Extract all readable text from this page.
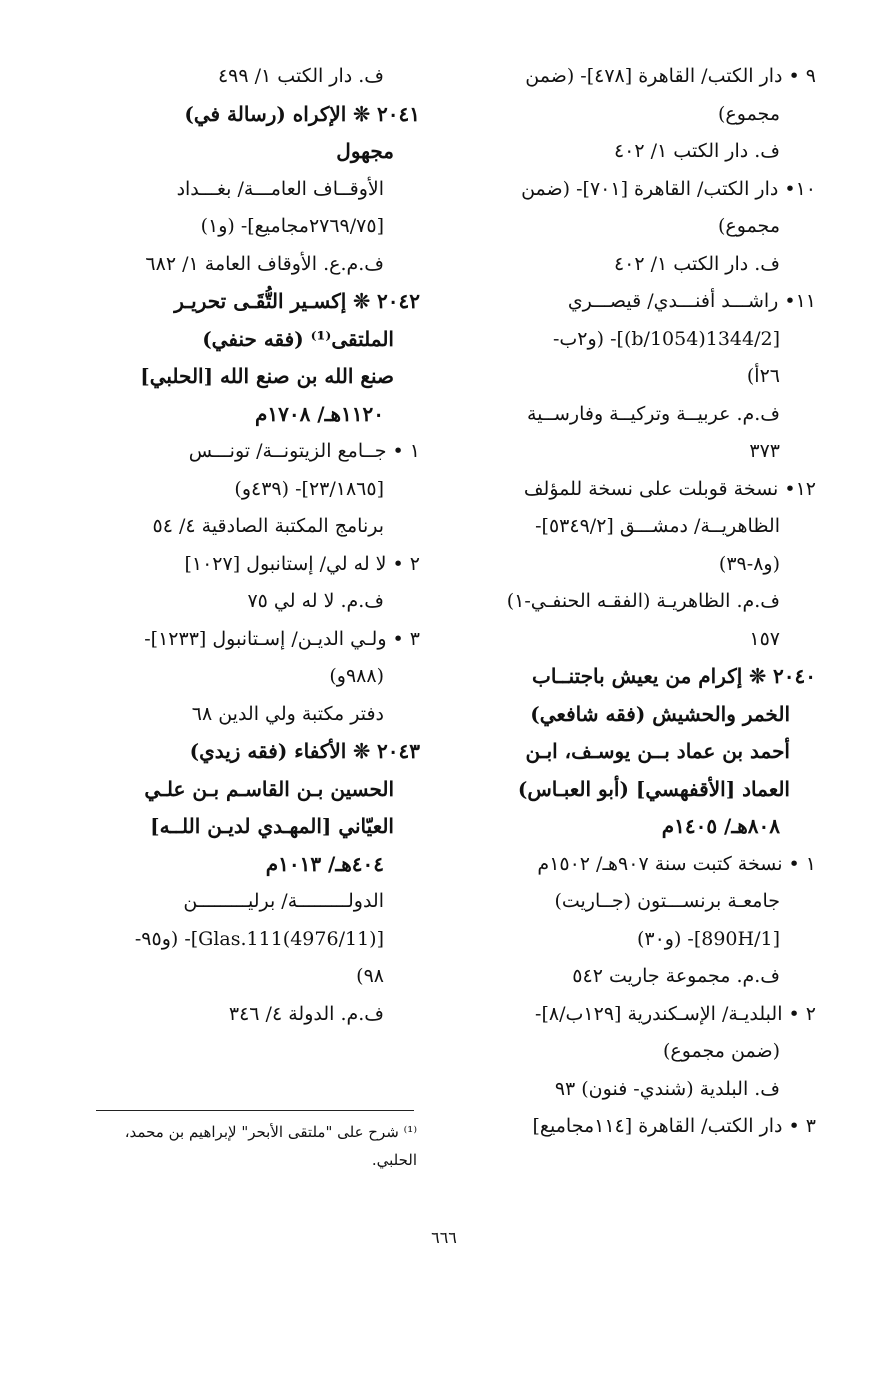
٩ • دار الكتب/ القاهرة [٤٧٨]- (ضمن
مجموع)
ف. دار الكتب ١/ ٤٠٢
١٠• دار الكتب/ القاهرة [٧٠١]- (ضمن
مجموع)
ف. دار الكتب ١/ ٤٠٢
١١• راشـــد أفنـــدي/ قيصـــري
[1344/2(1054/b)]- (و٢ب-
٢٦أ)
ف.م. عربيــة وتركيــة وفارســية
٣٧٣
١٢• نسخة قوبلت على نسخة للمؤلف
الظاهريــة/ دمشـــق [٥٣٤٩/٢]-
(و٨-٣٩)
ف.م. الظاهريـة (الفقـه الحنفـي-١)
١٥٧
٢٠٤٠ ❊ إكرام من يعيش باجتنــاب
الخمر والحشيش (فقه شافعي)
أحمد بن عماد بــن يوسـف، ابـن
العماد [الأقفهسي] (أبو العبـاس)
٨٠٨هـ/ ١٤٠٥م
١ • نسخة كتبت سنة ٩٠٧هـ/ ١٥٠٢م
جامعـة برنســـتون (جــاريت)
[890H/1]- (و٣٠)
ف.م. مجموعة جاريت ٥٤٢
٢ • البلديـة/ الإسـكندرية [١٢٩ب/٨]-
(ضمن مجموع)
ف. البلدية (شندي- فنون) ٩٣
٣ • دار الكتب/ القاهرة [١١٤مجاميع]
ف. دار الكتب ١/ ٤٩٩
٢٠٤١ ❊ الإكراه (رسالة في)
مجهول
الأوقــاف العامـــة/ بغـــداد
[٢٧٦٩/٧٥مجاميع]- (و١)
ف.م.ع. الأوقاف العامة ١/ ٦٨٢
٢٠٤٢ ❊ إكسـير التُّقَـى تحريـر
الملتقى⁽¹⁾ (فقه حنفي)
صنع الله بن صنع الله [الحلبي]
١١٢٠هـ/ ١٧٠٨م
١ • جــامع الزيتونــة/ تونـــس
[٢٣/١٨٦٥]- (٤٣٩و)
برنامج المكتبة الصادقية ٤/ ٥٤
٢ • لا له لي/ إستانبول [١٠٢٧]
ف.م. لا له لي ٧٥
٣ • ولـي الديـن/ إسـتانبول [١٢٣٣]-
(٩٨٨و)
دفتر مكتبة ولي الدين ٦٨
٢٠٤٣ ❊ الأكفاء (فقه زيدي)
الحسين بـن القاسـم بـن علـي
العيّاني [المهـدي لديـن اللــه]
٤٠٤هـ/ ١٠١٣م
الدولـــــــــة/ برليـــــــــن
[Glas.111(4976/11)]- (و٩٥-
٩٨)
ف.م. الدولة ٤/ ٣٤٦
⁽¹⁾ شرح على "ملتقى الأبحر" لإبراهيم بن محمد،
الحلبي.
٦٦٦
